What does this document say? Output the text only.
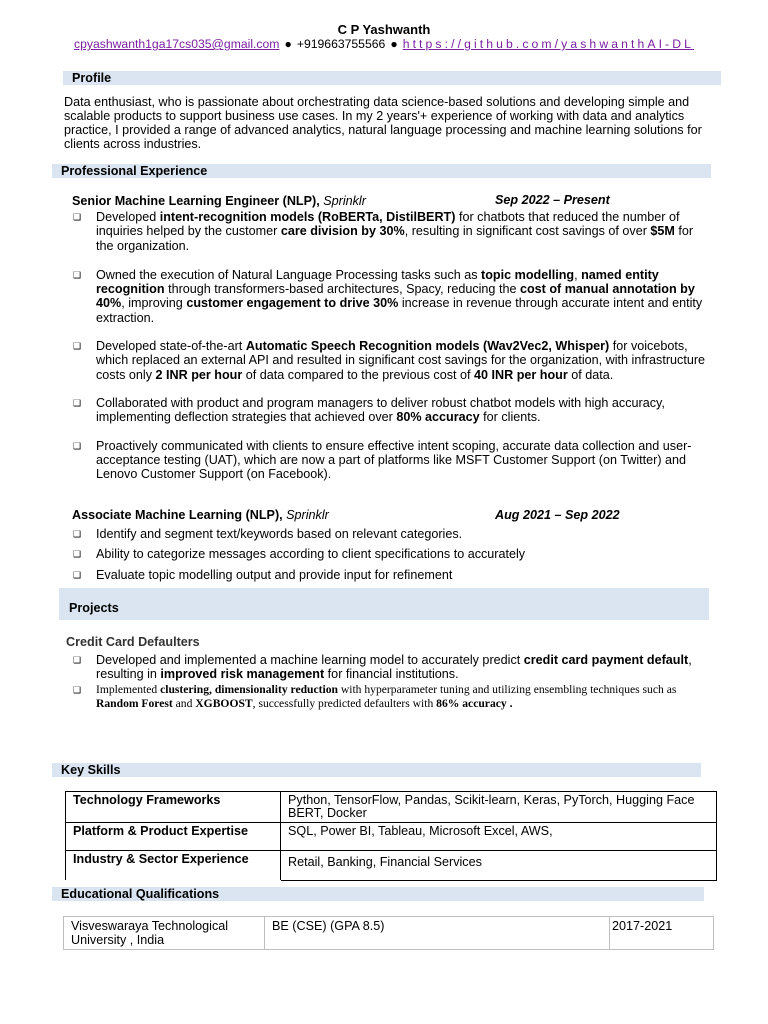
C P Yashwanth
cpyashwanth1ga17cs035@gmail.com ● +919663755566 ● https://github.com/yashwanthAI-DL
Profile
Data enthusiast, who is passionate about orchestrating data science-based solutions and developing simple and scalable products to support business use cases. In my 2 years'+ experience of working with data and analytics practice, I provided a range of advanced analytics, natural language processing and machine learning solutions for clients across industries.
Professional Experience
Senior Machine Learning Engineer (NLP), Sprinklr	Sep 2022 – Present
❑ Developed intent-recognition models (RoBERTa, DistilBERT) for chatbots that reduced the number of inquiries helped by the customer care division by 30%, resulting in significant cost savings of over $5M for the organization.
❑ Owned the execution of Natural Language Processing tasks such as topic modelling, named entity recognition through transformers-based architectures, Spacy, reducing the cost of manual annotation by 40%, improving customer engagement to drive 30% increase in revenue through accurate intent and entity extraction.
❑ Developed state-of-the-art Automatic Speech Recognition models (Wav2Vec2, Whisper) for voicebots, which replaced an external API and resulted in significant cost savings for the organization, with infrastructure costs only 2 INR per hour of data compared to the previous cost of 40 INR per hour of data.
❑ Collaborated with product and program managers to deliver robust chatbot models with high accuracy, implementing deflection strategies that achieved over 80% accuracy for clients.
❑ Proactively communicated with clients to ensure effective intent scoping, accurate data collection and user-acceptance testing (UAT), which are now a part of platforms like MSFT Customer Support (on Twitter) and Lenovo Customer Support (on Facebook).
Associate Machine Learning (NLP), Sprinklr	Aug 2021 – Sep 2022
❑ Identify and segment text/keywords based on relevant categories.
❑ Ability to categorize messages according to client specifications to accurately
❑ Evaluate topic modelling output and provide input for refinement
Projects
Credit Card Defaulters
❑ Developed and implemented a machine learning model to accurately predict credit card payment default, resulting in improved risk management for financial institutions.
❑ Implemented clustering, dimensionality reduction with hyperparameter tuning and utilizing ensembling techniques such as Random Forest and XGBOOST, successfully predicted defaulters with 86% accuracy .
Key Skills
Technology Frameworks	Python, TensorFlow, Pandas, Scikit-learn, Keras, PyTorch, Hugging Face BERT, Docker
Platform & Product Expertise	SQL, Power BI, Tableau, Microsoft Excel, AWS,
Industry & Sector Experience	Retail, Banking, Financial Services
Educational Qualifications
Visveswaraya Technological University , India	BE (CSE) (GPA 8.5)	2017-2021
